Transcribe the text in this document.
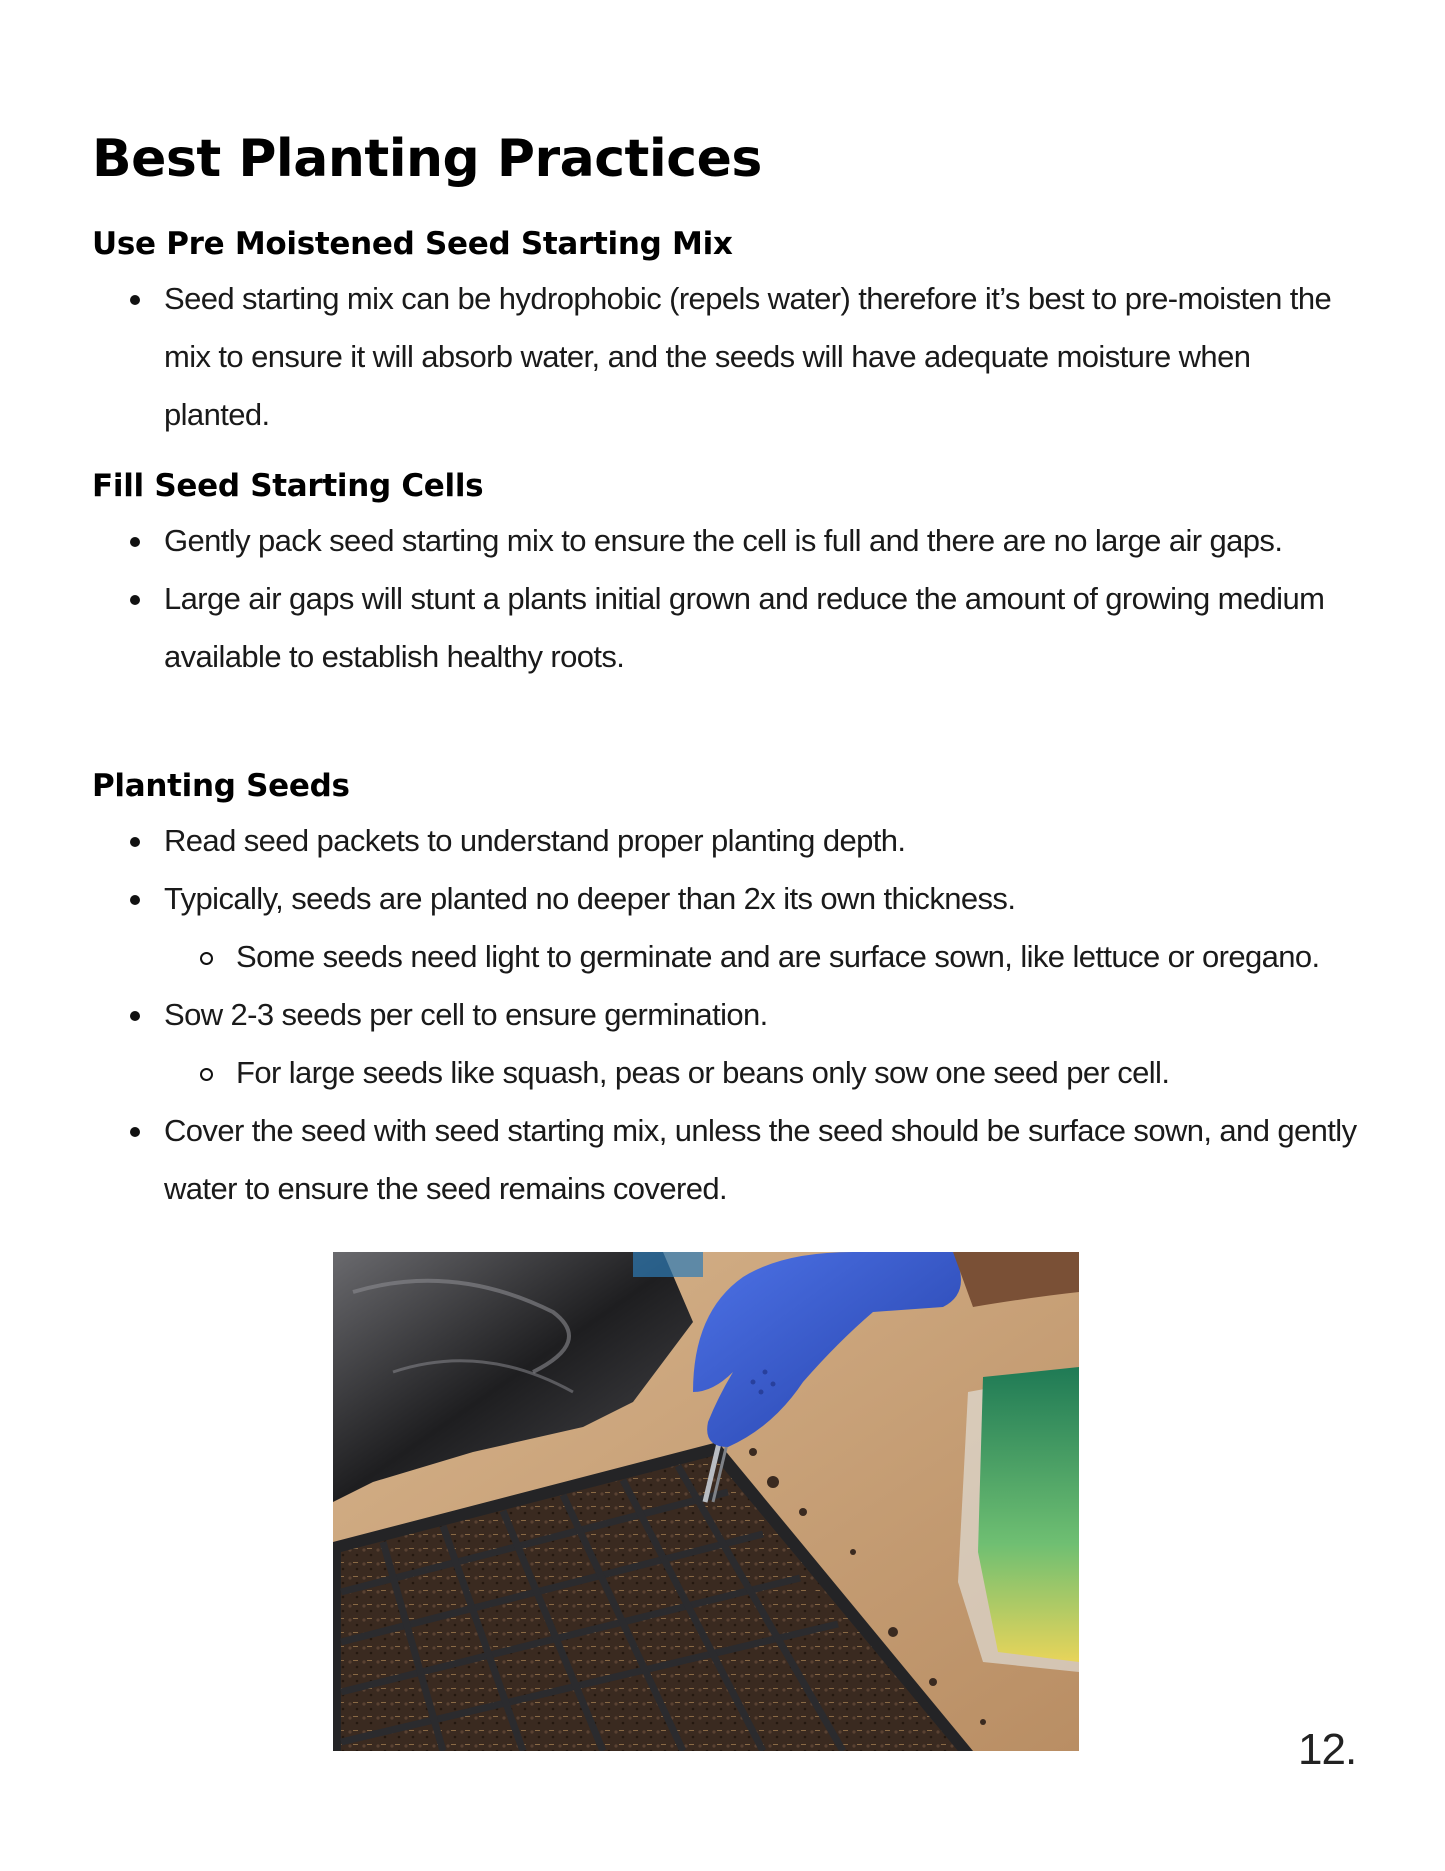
Best Planting Practices
Use Pre Moistened Seed Starting Mix
Seed starting mix can be hydrophobic (repels water) therefore it’s best to pre-moisten the mix to ensure it will absorb water, and the seeds will have adequate moisture when planted.
Fill Seed Starting Cells
Gently pack seed starting mix to ensure the cell is full and there are no large air gaps.
Large air gaps will stunt a plants initial grown and reduce the amount of growing medium available to establish healthy roots.
Planting Seeds
Read seed packets to understand proper planting depth.
Typically, seeds are planted no deeper than 2x its own thickness.
Some seeds need light to germinate and are surface sown, like lettuce or oregano.
Sow 2-3 seeds per cell to ensure germination.
For large seeds like squash, peas or beans only sow one seed per cell.
Cover the seed with seed starting mix, unless the seed should be surface sown, and gently water to ensure the seed remains covered.
12.
